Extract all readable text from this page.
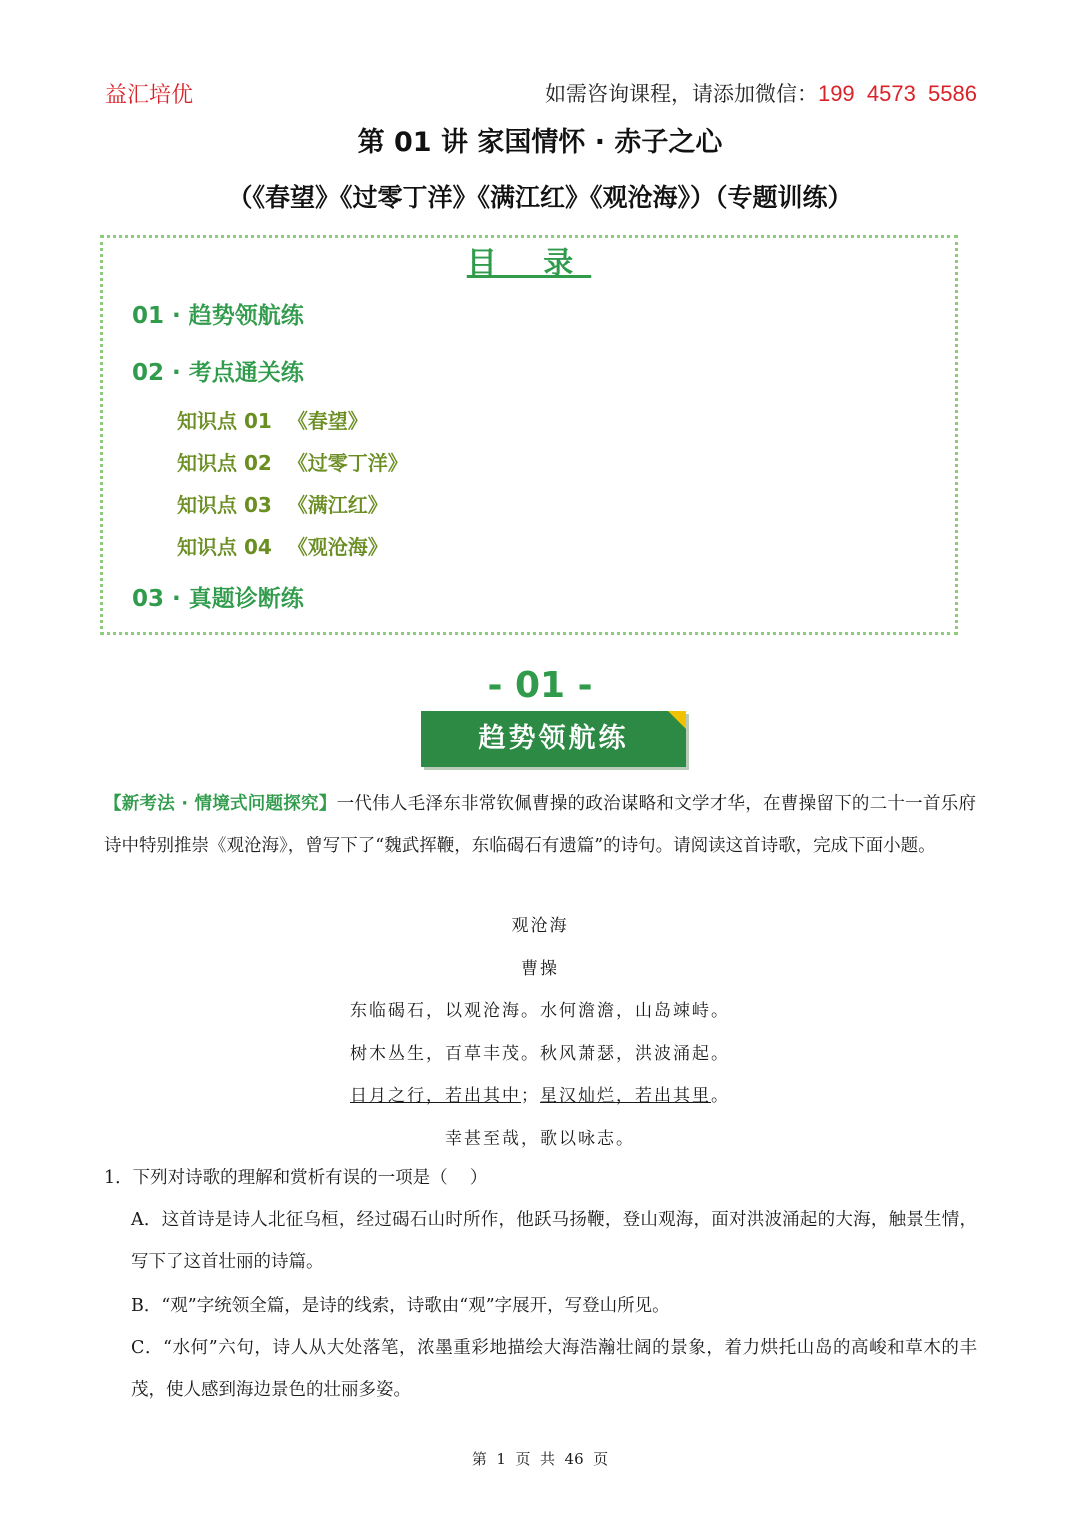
益汇培优	如需咨询课程，请添加微信：199  4573  5586
第 01 讲 家国情怀 · 赤子之心
（《春望》《过零丁洋》《满江红》《观沧海》）（专题训练）
目 录
01 · 趋势领航练
02 · 考点通关练
知识点 01 《春望》
知识点 02 《过零丁洋》
知识点 03 《满江红》
知识点 04 《观沧海》
03 · 真题诊断练
- 01 -
趋势领航练
【新考法 · 情境式问题探究】一代伟人毛泽东非常钦佩曹操的政治谋略和文学才华，在曹操留下的二十一首乐府诗中特别推崇《观沧海》，曾写下了“魏武挥鞭，东临碣石有遗篇”的诗句。请阅读这首诗歌，完成下面小题。
观沧海
曹操
东临碣石，以观沧海。水何澹澹，山岛竦峙。
树木丛生，百草丰茂。秋风萧瑟，洪波涌起。
日月之行，若出其中；星汉灿烂，若出其里。
幸甚至哉，歌以咏志。
1．下列对诗歌的理解和赏析有误的一项是（    ）
A．这首诗是诗人北征乌桓，经过碣石山时所作，他跃马扬鞭，登山观海，面对洪波涌起的大海，触景生情，写下了这首壮丽的诗篇。
B．“观”字统领全篇，是诗的线索，诗歌由“观”字展开，写登山所见。
C．“水何”六句，诗人从大处落笔，浓墨重彩地描绘大海浩瀚壮阔的景象，着力烘托山岛的高峻和草木的丰茂，使人感到海边景色的壮丽多姿。
第  1  页  共  46  页
